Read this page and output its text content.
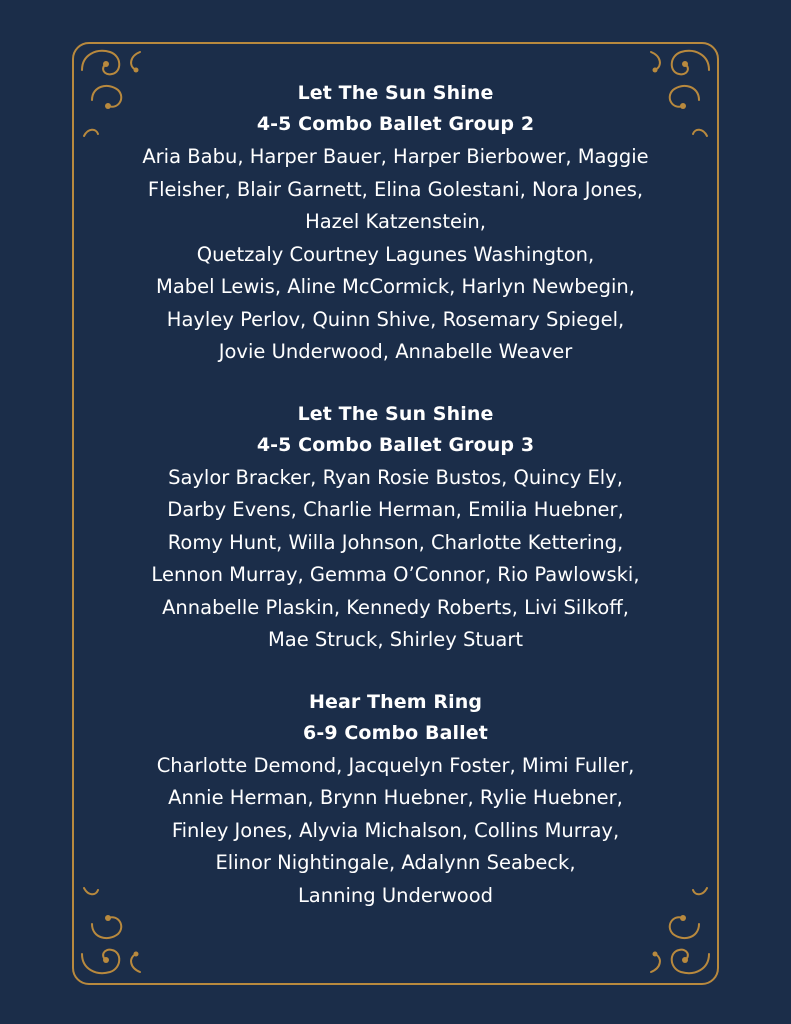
Let The Sun Shine
4-5 Combo Ballet Group 2
Aria Babu, Harper Bauer, Harper Bierbower, Maggie
Fleisher, Blair Garnett, Elina Golestani, Nora Jones,
Hazel Katzenstein,
Quetzaly Courtney Lagunes Washington,
Mabel Lewis, Aline McCormick, Harlyn Newbegin,
Hayley Perlov, Quinn Shive, Rosemary Spiegel,
Jovie Underwood, Annabelle Weaver
Let The Sun Shine
4-5 Combo Ballet Group 3
Saylor Bracker, Ryan Rosie Bustos, Quincy Ely,
Darby Evens, Charlie Herman, Emilia Huebner,
Romy Hunt, Willa Johnson, Charlotte Kettering,
Lennon Murray, Gemma O’Connor, Rio Pawlowski,
Annabelle Plaskin, Kennedy Roberts, Livi Silkoff,
Mae Struck, Shirley Stuart
Hear Them Ring
6-9 Combo Ballet
Charlotte Demond, Jacquelyn Foster, Mimi Fuller,
Annie Herman, Brynn Huebner, Rylie Huebner,
Finley Jones, Alyvia Michalson, Collins Murray,
Elinor Nightingale, Adalynn Seabeck,
Lanning Underwood
